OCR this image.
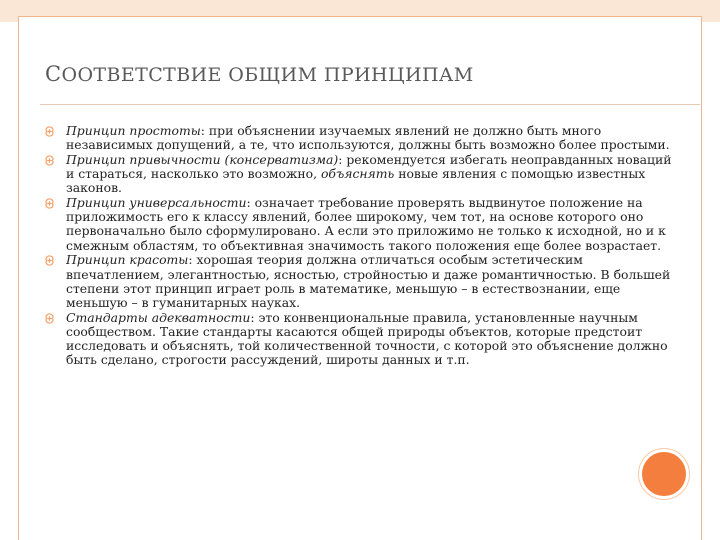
СООТВЕТСТВИЕ ОБЩИМ ПРИНЦИПАМ
Принцип простоты: при объяснении изучаемых явлений не должно быть много независимых допущений, а те, что используются, должны быть возможно более простыми.
Принцип привычности (консерватизма): рекомендуется избегать неоправданных новаций и стараться, насколько это возможно, объяснять новые явления с помощью известных законов.
Принцип универсальности: означает требование проверять выдвинутое положение на приложимость его к классу явлений, более широкому, чем тот, на основе которого оно первоначально было сформулировано. А если это приложимо не только к исходной, но и к смежным областям, то объективная значимость такого положения еще более возрастает.
Принцип красоты: хорошая теория должна отличаться особым эстетическим впечатлением, элегантностью, ясностью, стройностью и даже романтичностью. В большей степени этот принцип играет роль в математике, меньшую – в естествознании, еще меньшую – в гуманитарных науках.
Стандарты адекватности: это конвенциональные правила, установленные научным сообществом. Такие стандарты касаются общей природы объектов, которые предстоит исследовать и объяснять, той количественной точности, с которой это объяснение должно быть сделано, строгости рассуждений, широты данных и т.п.
